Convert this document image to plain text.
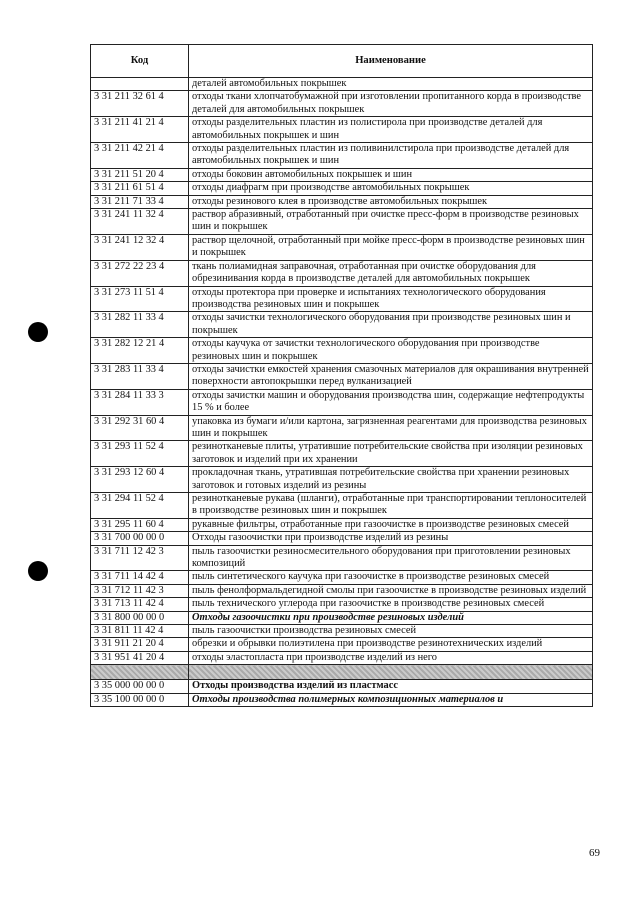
Код	Наименование
	деталей автомобильных покрышек
3 31 211 32 61 4	отходы ткани хлопчатобумажной при изготовлении пропитанного корда в производстве деталей для автомобильных покрышек
3 31 211 41 21 4	отходы разделительных пластин из полистирола при производстве деталей для автомобильных покрышек и шин
3 31 211 42 21 4	отходы разделительных пластин из поливинилстирола при производстве деталей для автомобильных покрышек и шин
3 31 211 51 20 4	отходы боковин автомобильных покрышек и шин
3 31 211 61 51 4	отходы диафрагм при производстве автомобильных покрышек
3 31 211 71 33 4	отходы резинового клея в производстве автомобильных покрышек
3 31 241 11 32 4	раствор абразивный, отработанный при очистке пресс-форм в производстве резиновых шин и покрышек
3 31 241 12 32 4	раствор щелочной, отработанный при мойке пресс-форм в производстве резиновых шин и покрышек
3 31 272 22 23 4	ткань полиамидная заправочная, отработанная при очистке оборудования для обрезинивания корда в производстве деталей для автомобильных покрышек
3 31 273 11 51 4	отходы протектора при проверке и испытаниях технологического оборудования производства резиновых шин и покрышек
3 31 282 11 33 4	отходы зачистки технологического оборудования при производстве резиновых шин и покрышек
3 31 282 12 21 4	отходы каучука от зачистки технологического оборудования при производстве резиновых шин и покрышек
3 31 283 11 33 4	отходы зачистки емкостей хранения смазочных материалов для окрашивания внутренней поверхности автопокрышки перед вулканизацией
3 31 284 11 33 3	отходы зачистки машин и оборудования производства шин, содержащие нефтепродукты 15 % и более
3 31 292 31 60 4	упаковка из бумаги и/или картона, загрязненная реагентами для производства резиновых шин и покрышек
3 31 293 11 52 4	резинотканевые плиты, утратившие потребительские свойства при изоляции резиновых заготовок и изделий при их хранении
3 31 293 12 60 4	прокладочная ткань, утратившая потребительские свойства при хранении резиновых заготовок и готовых изделий из резины
3 31 294 11 52 4	резинотканевые рукава (шланги), отработанные при транспортировании теплоносителей в производстве резиновых шин и покрышек
3 31 295 11 60 4	рукавные фильтры, отработанные при газоочистке в производстве резиновых смесей
3 31 700 00 00 0	Отходы газоочистки при производстве изделий из резины
3 31 711 12 42 3	пыль газоочистки резиносмесительного оборудования при приготовлении резиновых композиций
3 31 711 14 42 4	пыль синтетического каучука при газоочистке в производстве резиновых смесей
3 31 712 11 42 3	пыль фенолформальдегидной смолы при газоочистке в производстве резиновых изделий
3 31 713 11 42 4	пыль технического углерода при газоочистке в производстве резиновых смесей
3 31 800 00 00 0	Отходы газоочистки при производстве резиновых изделий
3 31 811 11 42 4	пыль газоочистки производства резиновых смесей
3 31 911 21 20 4	обрезки и обрывки полиэтилена при производстве резинотехнических изделий
3 31 951 41 20 4	отходы эластопласта при производстве изделий из него

3 35 000 00 00 0	Отходы производства изделий из пластмасс
3 35 100 00 00 0	Отходы производства полимерных композиционных материалов и
69
